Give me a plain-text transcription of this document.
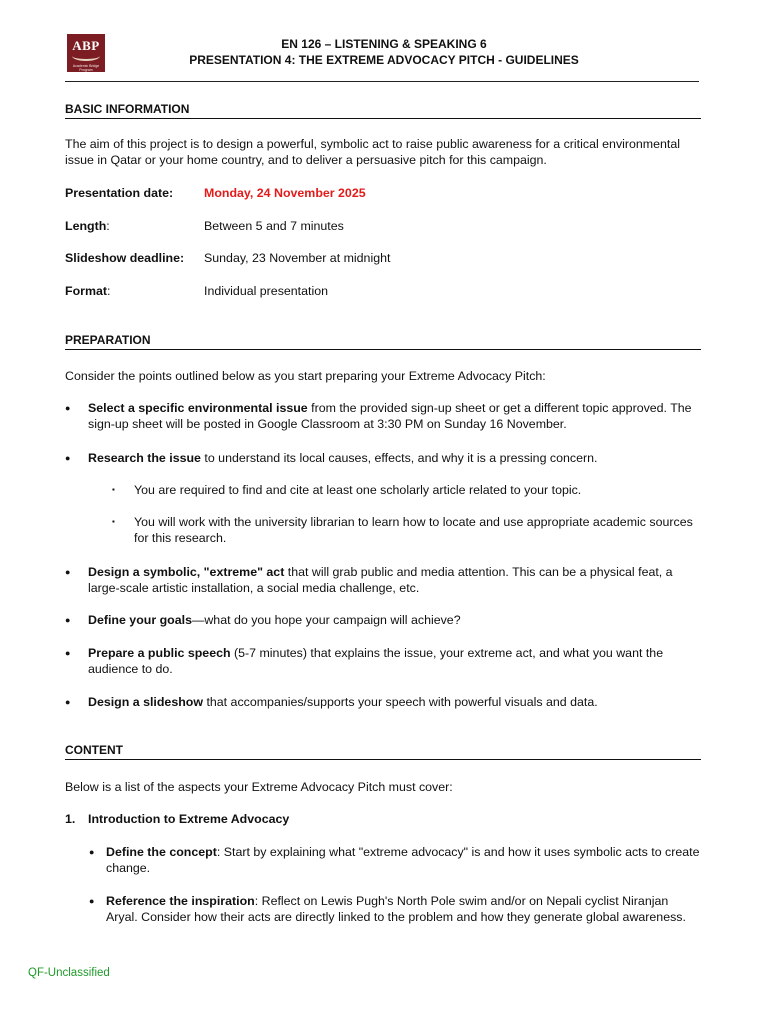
ABP
Academic Bridge Program
EN 126 – LISTENING & SPEAKING 6
PRESENTATION 4: THE EXTREME ADVOCACY PITCH - GUIDELINES
BASIC INFORMATION
The aim of this project is to design a powerful, symbolic act to raise public awareness for a critical environmental issue in Qatar or your home country, and to deliver a persuasive pitch for this campaign.
Presentation date: Monday, 24 November 2025
Length:	Between 5 and 7 minutes
Slideshow deadline: Sunday, 23 November at midnight
Format:	Individual presentation
PREPARATION
Consider the points outlined below as you start preparing your Extreme Advocacy Pitch:
● Select a specific environmental issue from the provided sign-up sheet or get a different topic approved. The sign-up sheet will be posted in Google Classroom at 3:30 PM on Sunday 16 November.
● Research the issue to understand its local causes, effects, and why it is a pressing concern.
▪ You are required to find and cite at least one scholarly article related to your topic.
▪ You will work with the university librarian to learn how to locate and use appropriate academic sources for this research.
● Design a symbolic, "extreme" act that will grab public and media attention. This can be a physical feat, a large-scale artistic installation, a social media challenge, etc.
● Define your goals—what do you hope your campaign will achieve?
● Prepare a public speech (5-7 minutes) that explains the issue, your extreme act, and what you want the audience to do.
● Design a slideshow that accompanies/supports your speech with powerful visuals and data.
CONTENT
Below is a list of the aspects your Extreme Advocacy Pitch must cover:
1. Introduction to Extreme Advocacy
● Define the concept: Start by explaining what "extreme advocacy" is and how it uses symbolic acts to create change.
● Reference the inspiration: Reflect on Lewis Pugh's North Pole swim and/or on Nepali cyclist Niranjan Aryal. Consider how their acts are directly linked to the problem and how they generate global awareness.
QF-Unclassified
